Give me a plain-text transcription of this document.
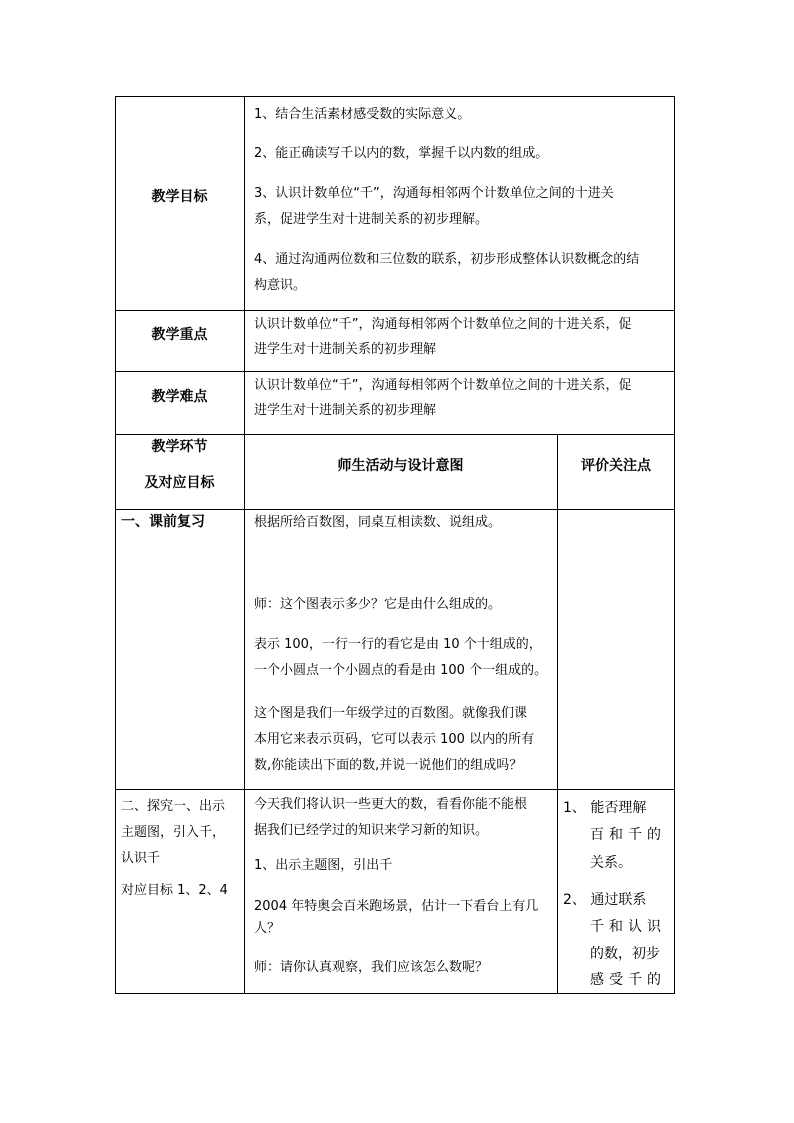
教学目标
1、结合生活素材感受数的实际意义。
2、能正确读写千以内的数，掌握千以内数的组成。
3、认识计数单位“千”，沟通每相邻两个计数单位之间的十进关
系，促进学生对十进制关系的初步理解。
4、通过沟通两位数和三位数的联系，初步形成整体认识数概念的结
构意识。
教学重点
认识计数单位“千”，沟通每相邻两个计数单位之间的十进关系，促
进学生对十进制关系的初步理解
教学难点
认识计数单位“千”，沟通每相邻两个计数单位之间的十进关系，促
进学生对十进制关系的初步理解
教学环节
及对应目标
师生活动与设计意图	评价关注点
一、课前复习	根据所给百数图，同桌互相读数、说组成。
师：这个图表示多少？它是由什么组成的。
表示 100，一行一行的看它是由 10 个十组成的，
一个小圆点一个小圆点的看是由 100 个一组成的。
这个图是我们一年级学过的百数图。就像我们课
本用它来表示页码，它可以表示 100 以内的所有
数,你能读出下面的数,并说一说他们的组成吗？
二、探究一、出示
主题图，引入千，
认识千
对应目标 1、2、4
今天我们将认识一些更大的数，看看你能不能根
据我们已经学过的知识来学习新的知识。
1、出示主题图，引出千
2004 年特奥会百米跑场景，估计一下看台上有几
人？
师：请你认真观察，我们应该怎么数呢？
1、 能否理解
百和千的
关系。
2、 通过联系
千和认识
的数，初步
感受千的
